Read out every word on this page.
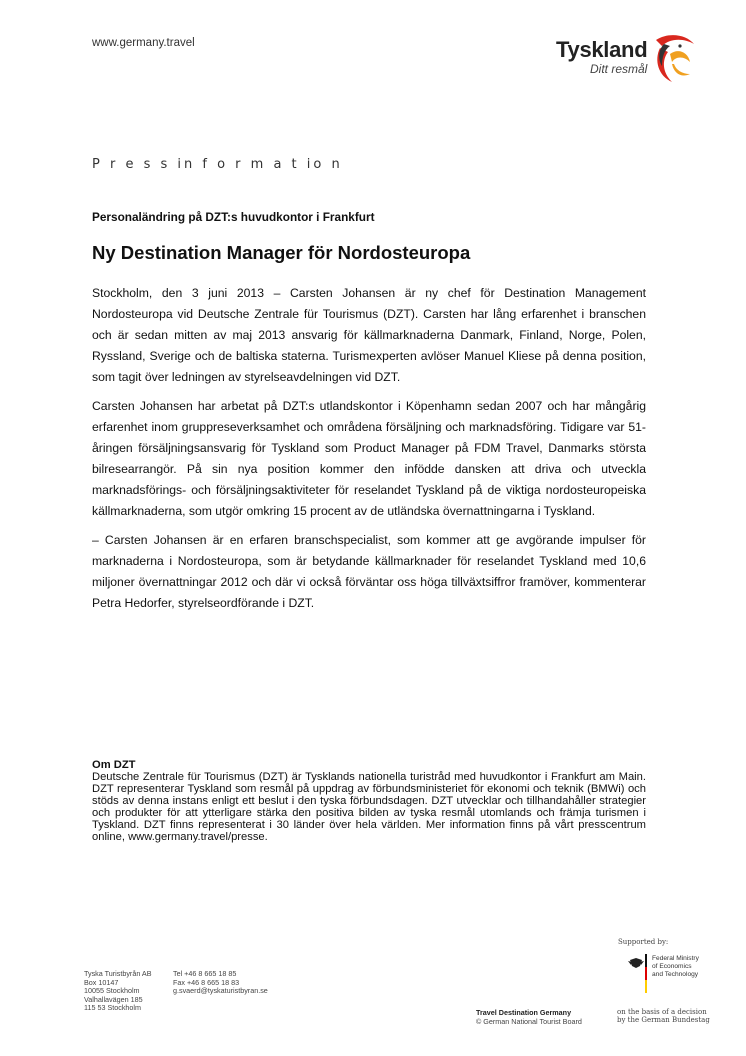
www.germany.travel	Tyskland
Ditt resmål
P r e s s in f o r m a t io n
Personaländring på DZT:s huvudkontor i Frankfurt
Ny Destination Manager för Nordosteuropa

Stockholm, den 3 juni 2013 – Carsten Johansen är ny chef för Destination Management Nordosteuropa vid Deutsche Zentrale für Tourismus (DZT). Carsten har lång erfarenhet i branschen och är sedan mitten av maj 2013 ansvarig för källmarknaderna Danmark, Finland, Norge, Polen, Ryssland, Sverige och de baltiska staterna. Turismexperten avlöser Manuel Kliese på denna position, som tagit över ledningen av styrelseavdelningen vid DZT.

Carsten Johansen har arbetat på DZT:s utlandskontor i Köpenhamn sedan 2007 och har mångårig erfarenhet inom gruppreseverksamhet och områdena försäljning och marknadsföring. Tidigare var 51-åringen försäljningsansvarig för Tyskland som Product Manager på FDM Travel, Danmarks största bilresearrangör. På sin nya position kommer den infödde dansken att driva och utveckla marknadsförings- och försäljningsaktiviteter för reselandet Tyskland på de viktiga nordosteuropeiska källmarknaderna, som utgör omkring 15 procent av de utländska övernattningarna i Tyskland.

– Carsten Johansen är en erfaren branschspecialist, som kommer att ge avgörande impulser för marknaderna i Nordosteuropa, som är betydande källmarknader för reselandet Tyskland med 10,6 miljoner övernattningar 2012 och där vi också förväntar oss höga tillväxtsiffror framöver, kommenterar Petra Hedorfer, styrelseordförande i DZT.

Om DZT
Deutsche Zentrale für Tourismus (DZT) är Tysklands nationella turistråd med huvudkontor i Frankfurt am Main. DZT representerar Tyskland som resmål på uppdrag av förbundsministeriet för ekonomi och teknik (BMWi) och stöds av denna instans enligt ett beslut i den tyska förbundsdagen. DZT utvecklar och tillhandahåller strategier och produkter för att ytterligare stärka den positiva bilden av tyska resmål utomlands och främja turismen i Tyskland. DZT finns representerat i 30 länder över hela världen. Mer information finns på vårt presscentrum online, www.germany.travel/presse.
Tyska Turistbyrån AB
Box 10147
10055 Stockholm
Valhallavägen 185
115 53 Stockholm
Tel +46 8 665 18 85
Fax +46 8 665 18 83
g.svaerd@tyskaturistbyran.se
Travel Destination Germany
© German National Tourist Board
Supported by:
Federal Ministry
of Economics
and Technology
on the basis of a decision
by the German Bundestag
